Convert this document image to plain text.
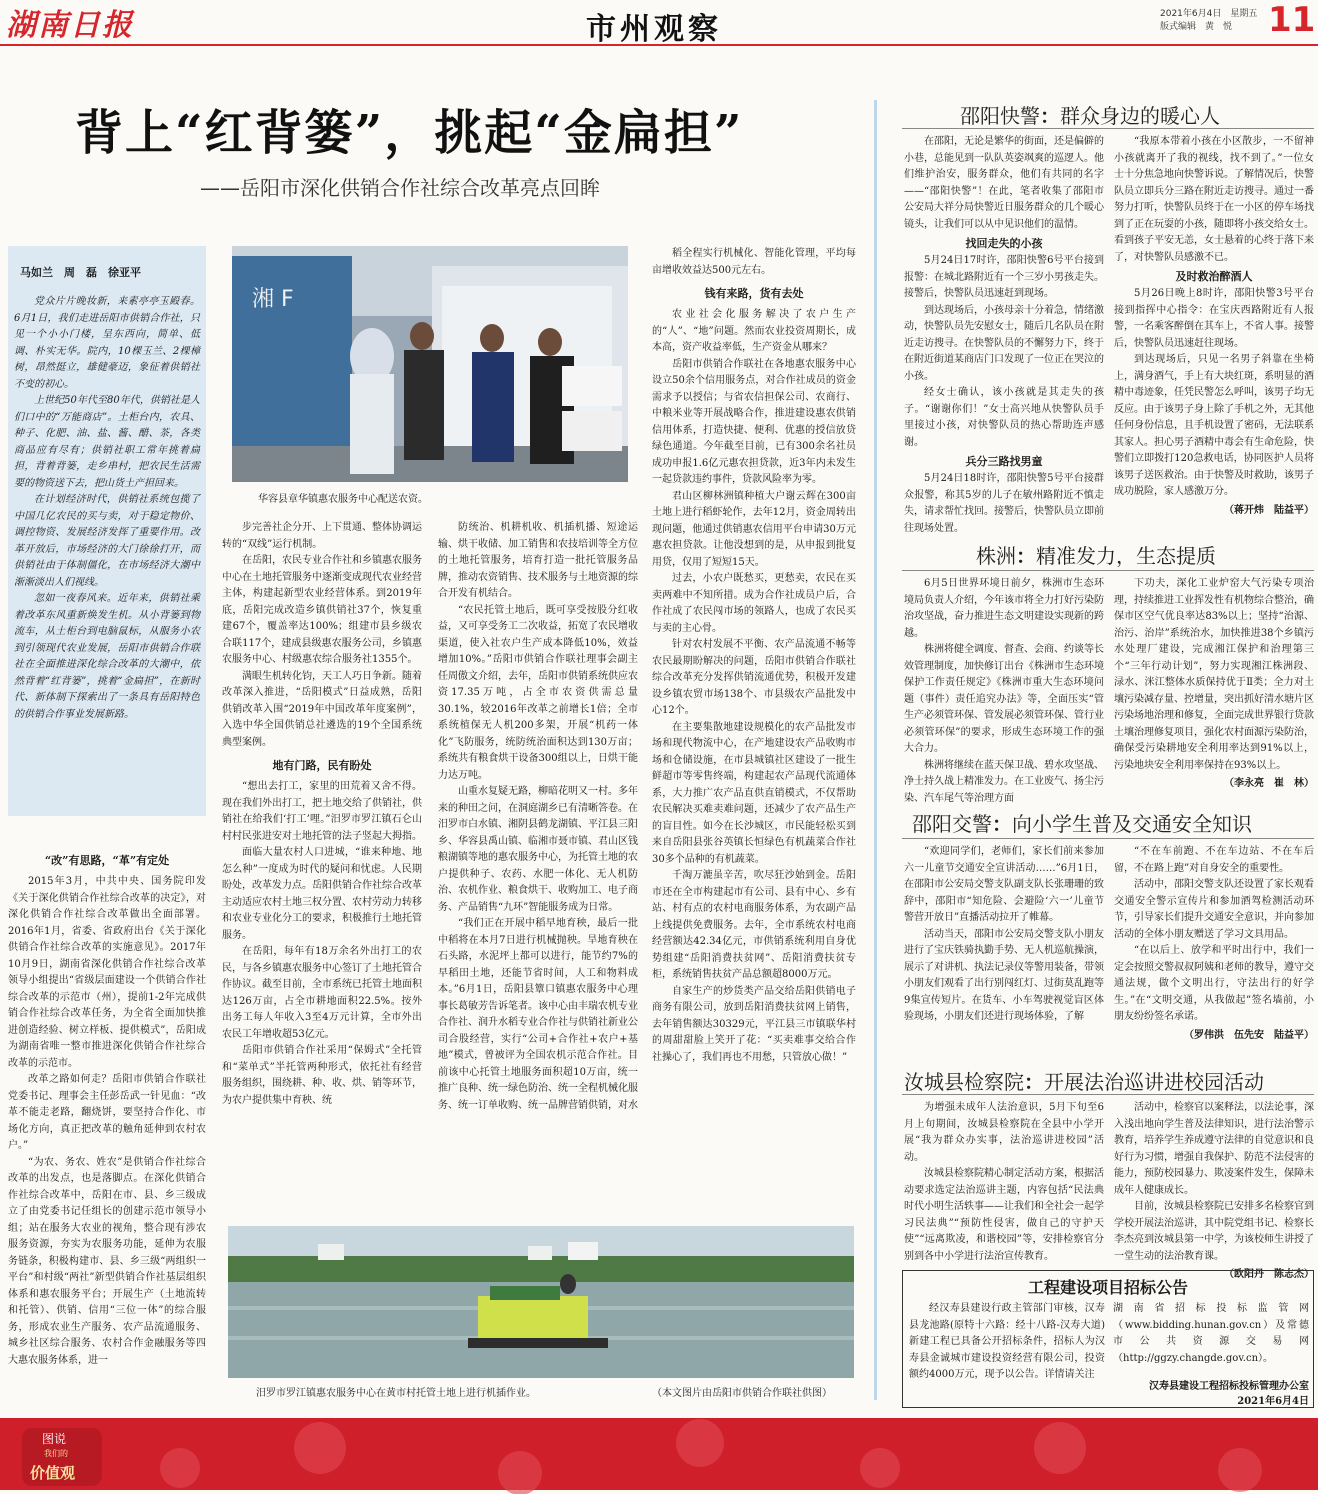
湖南日报	市州观察	2021年6月4日　星期五
版式编辑　黄　悦	11
背上“红背篓”，挑起“金扁担”
——岳阳市深化供销合作社综合改革亮点回眸
马如兰　周　磊　徐亚平

党众片片晚妆新，来素亭亭玉殿春。6月1日，我们走进岳阳市供销合作社，只见一个小小门楼，呈东西向，简单、低调、朴实无华。院内，10棵玉兰、2棵樟树，昂然挺立，雄健豪迈，象征着供销社不变的初心。

上世纪50年代至80年代，供销社是人们口中的“万能商店”。土柜台内，农具、种子、化肥、油、盐、酱、醋、茶，各类商品应有尽有；供销社职工常年挑着扁担，背着背篓，走乡串村，把农民生活需要的物资送下去，把山货土产担回来。

在计划经济时代，供销社系统包揽了中国几亿农民的买与卖，对于稳定物价、调控物资、发展经济发挥了重要作用。改革开放后，市场经济的大门徐徐打开，而供销社由于体制僵化，在市场经济大潮中渐渐淡出人们视线。

忽如一夜春风来。近年来，供销社乘着改革东风重新焕发生机。从小背篓到物流车，从土柜台到电脑鼠标，从服务小农到引领现代农业发展，岳阳市供销合作联社在全面推进深化综合改革的大潮中，依然背着“红背篓”，挑着“金扁担”，在新时代、新体制下探索出了一条具有岳阳特色的供销合作事业发展新路。

湘 F
华容县章华镇惠农服务中心配送农资。
“改”有思路，“革”有定处

2015年3月，中共中央、国务院印发《关于深化供销合作社综合改革的决定》，对深化供销合作社综合改革做出全面部署。2016年1月，省委、省政府出台《关于深化供销合作社综合改革的实施意见》。2017年10月9日，湖南省深化供销合作社综合改革领导小组提出“省级层面建设一个供销合作社综合改革的示范市（州），提前1-2年完成供销合作社综合改革任务，为全省全面加快推进创造经验、树立样板、提供模式”，岳阳成为湖南省唯一整市推进深化供销合作社综合改革的示范市。

改革之路如何走？岳阳市供销合作联社党委书记、理事会主任彭岳武一针见血：“改革不能走老路，翻烧饼，要坚持合作化、市场化方向，真正把改革的触角延伸到农村农户。”

“为农、务农、姓农”是供销合作社综合改革的出发点，也是落脚点。在深化供销合作社综合改革中，岳阳在市、县、乡三级成立了由党委书记任组长的创建示范市领导小组；站在服务大农业的视角，整合现有涉农服务资源，夯实为农服务功能，延伸为农服务链条，积极构建市、县、乡三级“两组织一平台”和村级“两社”新型供销合作社基层组织体系和惠农服务平台；开展生产（土地流转和托管）、供销、信用“三位一体”的综合服务，形成农业生产服务、农产品流通服务、城乡社区综合服务、农村合作金融服务等四大惠农服务体系，进一

步完善社企分开、上下贯通、整体协调运转的“双线”运行机制。

在岳阳，农民专业合作社和乡镇惠农服务中心在土地托管服务中逐渐变成现代农业经营主体，构建起新型农业经营体系。到2019年底，岳阳完成改造乡镇供销社37个，恢复重建67个，覆盖率达100%；组建市县乡级农合联117个，建成县级惠农服务公司，乡镇惠农服务中心、村级惠农综合服务社1355个。

满眼生机转化钧，天工人巧日争新。随着改革深入推进，“岳阳模式”日益成熟，岳阳供销改革入围“2019年中国改革年度案例”，入选中华全国供销总社遴选的19个全国系统典型案例。

地有门路，民有盼处

“想出去打工，家里的田荒着又舍不得。现在我们外出打工，把土地交给了供销社，供销社在给我们‘打工’哩。”汨罗市罗江镇石仑山村村民张进安对土地托管的法子竖起大拇指。

面临大量农村人口进城，“谁来种地、地怎么种”一度成为时代的疑问和忧虑。人民期盼处，改革发力点。岳阳供销合作社综合改革主动适应农村土地三权分置、农村劳动力转移和农业专业化分工的要求，积极推行土地托管服务。

在岳阳，每年有18万余名外出打工的农民，与各乡镇惠农服务中心签订了土地托管合作协议。截至目前，全市系统已托管土地面积达126万亩，占全市耕地面积22.5%。按外出务工每人年收入3至4万元计算，全市外出农民工年增收超53亿元。

岳阳市供销合作社采用“保姆式”全托管和“菜单式”半托管两种形式，依托社有经营服务组织，围绕耕、种、收、烘、销等环节，为农户提供集中育秧、统

防统治、机耕机收、机插机播、短途运输、烘干收储、加工销售和农技培训等全方位的土地托管服务，培育打造一批托管服务品牌，推动农资销售、技术服务与土地资源的综合开发有机结合。

“农民托管土地后，既可享受按股分红收益，又可享受务工二次收益，拓宽了农民增收渠道，使入社农户生产成本降低10%，效益增加10%。”岳阳市供销合作联社理事会副主任周傲文介绍，去年，岳阳市供销系统供应农资17.35万吨，占全市农资供需总量30.1%，较2016年改革之前增长1倍；全市系统植保无人机200多架，开展“机药一体化”飞防服务，统防统治面积达到130万亩；系统共有粮食烘干设备300组以上，日烘干能力达万吨。

山重水复疑无路，柳暗花明又一村。多年来的种田之问，在洞庭湖乡已有清晰答卷。在汨罗市白水镇、湘阴县鹤龙湖镇、平江县三阳乡、华容县禹山镇、临湘市聂市镇、君山区钱粮湖镇等地的惠农服务中心，为托管土地的农户提供种子、农药、水肥一体化、无人机防治、农机作业、粮食烘干、收购加工、电子商务、产品销售“九环”智能服务成为日常。

“我们正在开展中稻早地育秧，最后一批中稻将在本月7日进行机械抛秧。旱地育秧在石头路，水泥坪上都可以进行，能节约7%的早稻田土地，还能节省时间，人工和物料成本。”6月1日，岳阳县簟口镇惠农服务中心理事长葛敏芳告诉笔者。该中心由丰瑞农机专业合作社、润升水稻专业合作社与供销社新业公司合股经营，实行“公司+合作社+农户+基地”模式，曾被评为全国农机示范合作社。目前该中心托管土地服务面积超10万亩，统一推广良种、统一绿色防治、统一全程机械化服务、统一订单收购、统一品牌营销供销，对水

稻全程实行机械化、智能化管理，平均每亩增收效益达500元左右。

钱有来路，货有去处

农业社会化服务解决了农户生产的“人”、“地”问题。然而农业投资周期长，成本高，资产收益率低，生产资金从哪来？

岳阳市供销合作联社在各地惠农服务中心设立50余个信用服务点，对合作社成员的资金需求予以授信；与省农信担保公司、农商行、中粮米业等开展战略合作，推进建设惠农供销信用体系，打造快捷、便利、优惠的授信放贷绿色通道。今年截至目前，已有300余名社员成功申报1.6亿元惠农担贷款，近3年内未发生一起贷款违约事件，贷款风险率为零。

君山区柳林洲镇种植大户谢云辉在300亩土地上进行稻虾轮作，去年12月，资金周转出现问题，他通过供销惠农信用平台申请30万元惠农担贷款。让他没想到的是，从申报到批复用贷，仅用了短短15天。

过去，小农户既愁买，更愁卖，农民在买卖两难中不知所措。成为合作社成员户后，合作社成了农民闯市场的领路人，也成了农民买与卖的主心骨。

针对农村发展不平衡、农产品流通不畅等农民最期盼解决的问题，岳阳市供销合作联社综合改革充分发挥供销流通优势，积极开发建设乡镇农贸市场138个、市县级农产品批发中心12个。

在主要集散地建设规模化的农产品批发市场和现代物流中心，在产地建设农产品收购市场和仓储设施，在市县城镇社区建设了一批生鲜超市等零售终端，构建起农产品现代流通体系，大力推广农产品直供直销模式，不仅帮助农民解决买难卖难问题，还减少了农产品生产的盲目性。如今在长沙城区，市民能轻松买到来自岳阳县张谷英镇长恒绿色有机蔬菜合作社30多个品种的有机蔬菜。

千淘万漉虽辛苦，吹尽狂沙始到金。岳阳市还在全市构建起市有公司、县有中心、乡有站、村有点的农村电商服务体系，为农副产品上线提供免费服务。去年，全市系统农村电商经营额达42.34亿元，市供销系统利用自身优势组建“岳阳消费扶贫网”、岳阳消费扶贫专柜，系统销售扶贫产品总额超8000万元。

自家生产的炒货类产品交给岳阳供销电子商务有限公司，放到岳阳消费扶贫网上销售，去年销售额达30329元，平江县三市镇联华村的周甜甜脸上笑开了花：“买卖难事交给合作社操心了，我们再也不用愁，只管放心做！”

汨罗市罗江镇惠农服务中心在黄市村托管土地上进行机插作业。	（本文图片由岳阳市供销合作联社供图）
邵阳快警：群众身边的暖心人

在邵阳，无论是繁华的街面，还是偏僻的小巷，总能见到一队队英姿飒爽的巡逻人。他们维护治安，服务群众，他们有共同的名字——“邵阳快警”！在此，笔者收集了邵阳市公安局大祥分局快警近日服务群众的几个暖心镜头，让我们可以从中见识他们的温情。

找回走失的小孩

5月24日17时许，邵阳快警6号平台接到报警：在城北路附近有一个三岁小男孩走失。接警后，快警队员迅速赶到现场。

到达现场后，小孩母亲十分着急，情绪激动，快警队员先安慰女士，随后几名队员在附近走访搜寻。在快警队员的不懈努力下，终于在附近街道某商店门口发现了一位正在哭泣的小孩。

经女士确认，该小孩就是其走失的孩子。“谢谢你们！”女士高兴地从快警队员手里接过小孩，对快警队员的热心帮助连声感谢。

兵分三路找男童

5月24日18时许，邵阳快警5号平台接群众报警，称其5岁的儿子在敏州路附近不慎走失，请求帮忙找回。接警后，快警队员立即前往现场处置。

“我原本带着小孩在小区散步，一不留神小孩就离开了我的视线，找不到了。”一位女士十分焦急地向快警诉说。了解情况后，快警队员立即兵分三路在附近走访搜寻。通过一番努力打听，快警队员终于在一小区的停车场找到了正在玩耍的小孩，随即将小孩交给女士。看到孩子平安无恙，女士悬着的心终于落下来了，对快警队员感激不已。

及时救治醉酒人

5月26日晚上8时许，邵阳快警3号平台接到指挥中心指令：在宝庆西路附近有人报警，一名乘客醉倒在其车上，不省人事。接警后，快警队员迅速赶往现场。

到达现场后，只见一名男子斜靠在坐椅上，满身酒气，手上有大块红斑，系明显的酒精中毒迹象，任凭民警怎么呼叫，该男子均无反应。由于该男子身上除了手机之外，无其他任何身份信息，且手机设置了密码，无法联系其家人。担心男子酒精中毒会有生命危险，快警们立即拨打120急救电话，协同医护人员将该男子送医救治。由于快警及时救助，该男子成功脱险，家人感激万分。

（蒋开炜　陆益平）
株洲：精准发力，生态提质

6月5日世界环境日前夕，株洲市生态环境局负责人介绍，今年该市将全力打好污染防治攻坚战，奋力推进生态文明建设实现新的跨越。

株洲将健全调度、督查、会商、约谈等长效管理制度，加快修订出台《株洲市生态环境保护工作责任规定》《株洲市重大生态环境问题（事件）责任追究办法》等，全面压实“管生产必须管环保、管发展必须管环保、管行业必须管环保”的要求，形成生态环境工作的强大合力。

株洲将继续在蓝天保卫战、碧水攻坚战、净土持久战上精准发力。在工业废气、扬尘污染、汽车尾气等治理方面

下功夫，深化工业炉窑大气污染专项治理，持续推进工业挥发性有机物综合整治，确保市区空气优良率达83%以上；坚持“治源、治污、治岸”系统治水，加快推进38个乡镇污水处理厂建设，完成湘江保护和治理第三个“三年行动计划”，努力实现湘江株洲段、渌水、洣江整体水质保持优于Ⅱ类；全力对土壤污染减存量、控增量，突出抓好清水塘片区污染场地治理和修复，全面完成世界银行贷款土壤治理修复项目，强化农村面源污染防治，确保受污染耕地安全利用率达到91%以上，污染地块安全利用率保持在93%以上。

（李永亮　崔　林）
邵阳交警：向小学生普及交通安全知识

“欢迎同学们，老师们，家长们前来参加六一儿童节交通安全宣讲活动……”6月1日，在邵阳市公安局交警支队副支队长张珊珊的致辞中，邵阳市“知危险、会避险‘六一’儿童节警营开放日”直播活动拉开了帷幕。

活动当天，邵阳市公安局交警支队小朋友进行了宝庆铁骑执勤手势、无人机巡航操演，展示了对讲机、执法记录仪等警用装备，带领小朋友们观看了出行别闯红灯、过街莫乱跑等9集宣传短片。在货车、小车驾驶视觉盲区体验现场，小朋友们还进行现场体验，了解

“不在车前跑、不在车边站、不在车后留，不在路上跑”对自身安全的重要性。

活动中，邵阳交警支队还设置了家长观看交通安全警示宣传片和参加酒驾检测活动环节，引导家长们提升交通安全意识，并向参加活动的全体小朋友赠送了学习文具用品。

“在以后上、放学和平时出行中，我们一定会按照交警叔叔阿姨和老师的教导，遵守交通法规，做个文明出行，守法出行的好学生。”在“文明交通，从我做起”签名墙前，小朋友纷纷签名承诺。

（罗伟洪　伍先安　陆益平）
汝城县检察院：开展法治巡讲进校园活动

为增强未成年人法治意识，5月下旬至6月上旬期间，汝城县检察院在全县中小学开展“我为群众办实事，法治巡讲进校园”活动。

汝城县检察院精心制定活动方案，根据活动要求选定法治巡讲主题，内容包括“民法典时代小明生活轶事——让我们和全社会一起学习民法典”“预防性侵害，做自己的守护天使”“远离欺凌，和谐校园”等，安排检察官分别到各中小学进行法治宣传教育。

活动中，检察官以案释法，以法论事，深入浅出地向学生普及法律知识，进行法治警示教育，培养学生养成遵守法律的自觉意识和良好行为习惯，增强自我保护、防范不法侵害的能力，预防校园暴力、欺凌案件发生，保障未成年人健康成长。

目前，汝城县检察院已安排多名检察官到学校开展法治巡讲，其中院党组书记、检察长李杰亮到汝城县第一中学，为该校师生讲授了一堂生动的法治教育课。

（欧阳丹　陈志杰）
工程建设项目招标公告

经汉寿县建设行政主管部门审核，汉寿县龙池路(原特十六路：经十八路-汉寿大道)新建工程已具备公开招标条件，招标人为汉寿县金诚城市建设投资经营有限公司，投资额约4000万元，现予以公告。详情请关注

湖南省招标投标监管网（www.bidding.hunan.gov.cn）及常德市公共资源交易网（http://ggzy.changde.gov.cn）。

汉寿县建设工程招标投标管理办公室
2021年6月4日
图说
我们的
价值观
